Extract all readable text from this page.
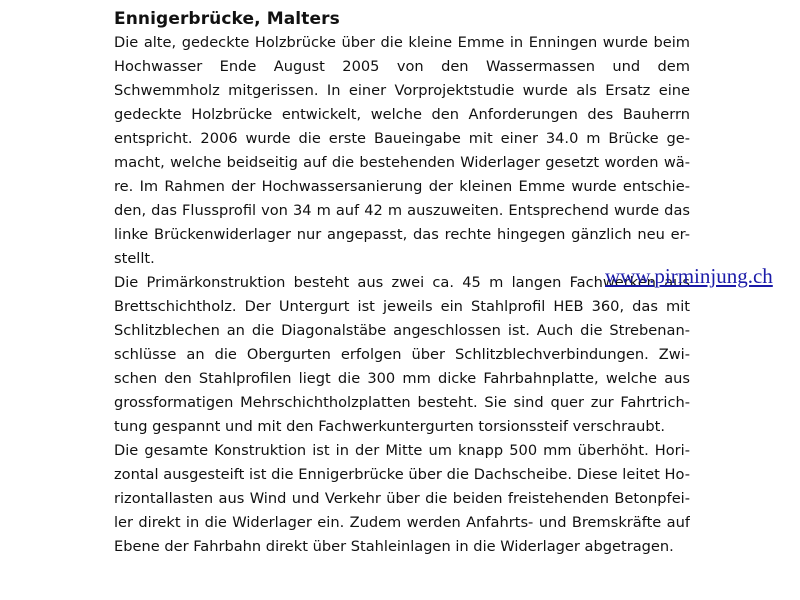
Ennigerbrücke, Malters
Die alte, gedeckte Holzbrücke über die kleine Emme in Enningen wurde beim
Hochwasser Ende August 2005 von den Wassermassen und dem
Schwemmholz mitgerissen. In einer Vorprojektstudie wurde als Ersatz eine
gedeckte Holzbrücke entwickelt, welche den Anforderungen des Bauherrn
entspricht. 2006 wurde die erste Baueingabe mit einer 34.0 m Brücke ge-
macht, welche beidseitig auf die bestehenden Widerlager gesetzt worden wä-
re. Im Rahmen der Hochwassersanierung der kleinen Emme wurde entschie-
den, das Flussprofil von 34 m auf 42 m auszuweiten. Entsprechend wurde das
linke Brückenwiderlager nur angepasst, das rechte hingegen gänzlich neu er-
stellt.
Die Primärkonstruktion besteht aus zwei ca. 45 m langen Fachwerken aus
Brettschichtholz. Der Untergurt ist jeweils ein Stahlprofil HEB 360, das mit
Schlitzblechen an die Diagonalstäbe angeschlossen ist. Auch die Strebenan-
schlüsse an die Obergurten erfolgen über Schlitzblechverbindungen. Zwi-
schen den Stahlprofilen liegt die 300 mm dicke Fahrbahnplatte, welche aus
grossformatigen Mehrschichtholzplatten besteht. Sie sind quer zur Fahrtrich-
tung gespannt und mit den Fachwerkuntergurten torsionssteif verschraubt.
Die gesamte Konstruktion ist in der Mitte um knapp 500 mm überhöht. Hori-
zontal ausgesteift ist die Ennigerbrücke über die Dachscheibe. Diese leitet Ho-
rizontallasten aus Wind und Verkehr über die beiden freistehenden Betonpfei-
ler direkt in die Widerlager ein. Zudem werden Anfahrts- und Bremskräfte auf
Ebene der Fahrbahn direkt über Stahleinlagen in die Widerlager abgetragen.
www.pirminjung.ch
